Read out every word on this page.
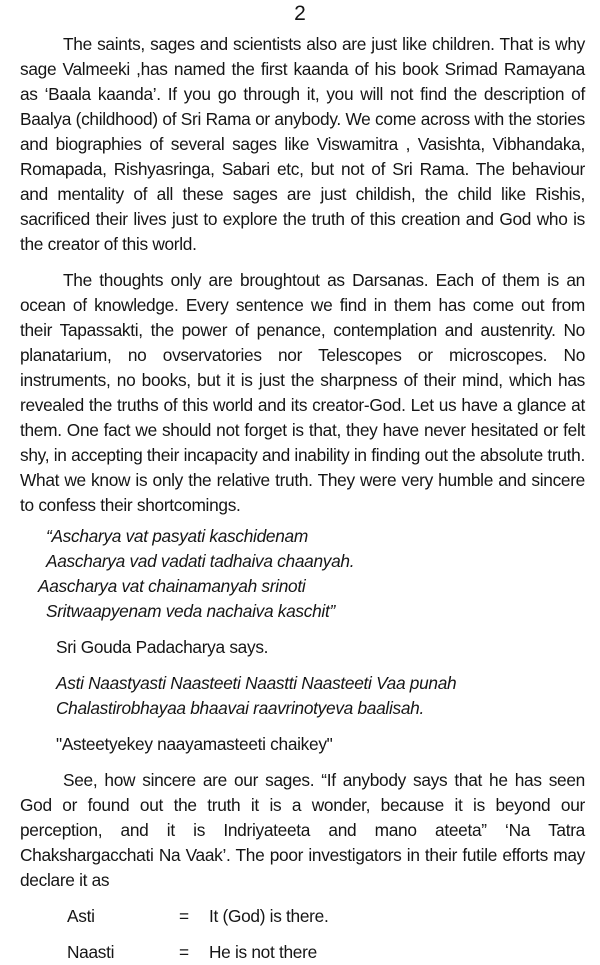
2

The saints, sages and scientists also are just like children. That is why sage Valmeeki ,has named the first kaanda of his book Srimad Ramayana as ‘Baala kaanda’. If you go through it, you will not find the description of Baalya (childhood) of Sri Rama or anybody. We come across with the stories and biographies of several sages like Viswamitra , Vasishta, Vibhandaka, Romapada, Rishyasringa, Sabari etc, but not of Sri Rama. The behaviour and mentality of all these sages are just childish, the child like Rishis, sacrificed their lives just to explore the truth of this creation and God who is the creator of this world.

The thoughts only are broughtout as Darsanas. Each of them is an ocean of knowledge. Every sentence we find in them has come out from their Tapassakti, the power of penance, contemplation and austenrity. No planatarium, no ovservatories nor Telescopes or microscopes. No instruments, no books, but it is just the sharpness of their mind, which has revealed the truths of this world and its creator-God. Let us have a glance at them. One fact we should not forget is that, they have never hesitated or felt shy, in accepting their incapacity and inability in finding out the absolute truth. What we know is only the relative truth. They were very humble and sincere to confess their shortcomings.

“Ascharya vat pasyati kaschidenam
Aascharya vad vadati tadhaiva chaanyah.
Aascharya vat chainamanyah srinoti
Sritwaapyenam veda nachaiva kaschit”

Sri Gouda Padacharya says.

Asti Naastyasti Naasteeti Naastti Naasteeti Vaa punah
Chalastirobhayaa bhaavai raavrinotyeva baalisah.

"Asteetyekey naayamasteeti chaikey"

See, how sincere are our sages. “If anybody says that he has seen God or found out the truth it is a wonder, because it is beyond our perception, and it is Indriyateeta and mano ateeta” ‘Na Tatra Chakshargacchati Na Vaak’. The poor investigators in their futile efforts may declare it as

Asti	=	It (God) is there.
Naasti	=	He is not there
